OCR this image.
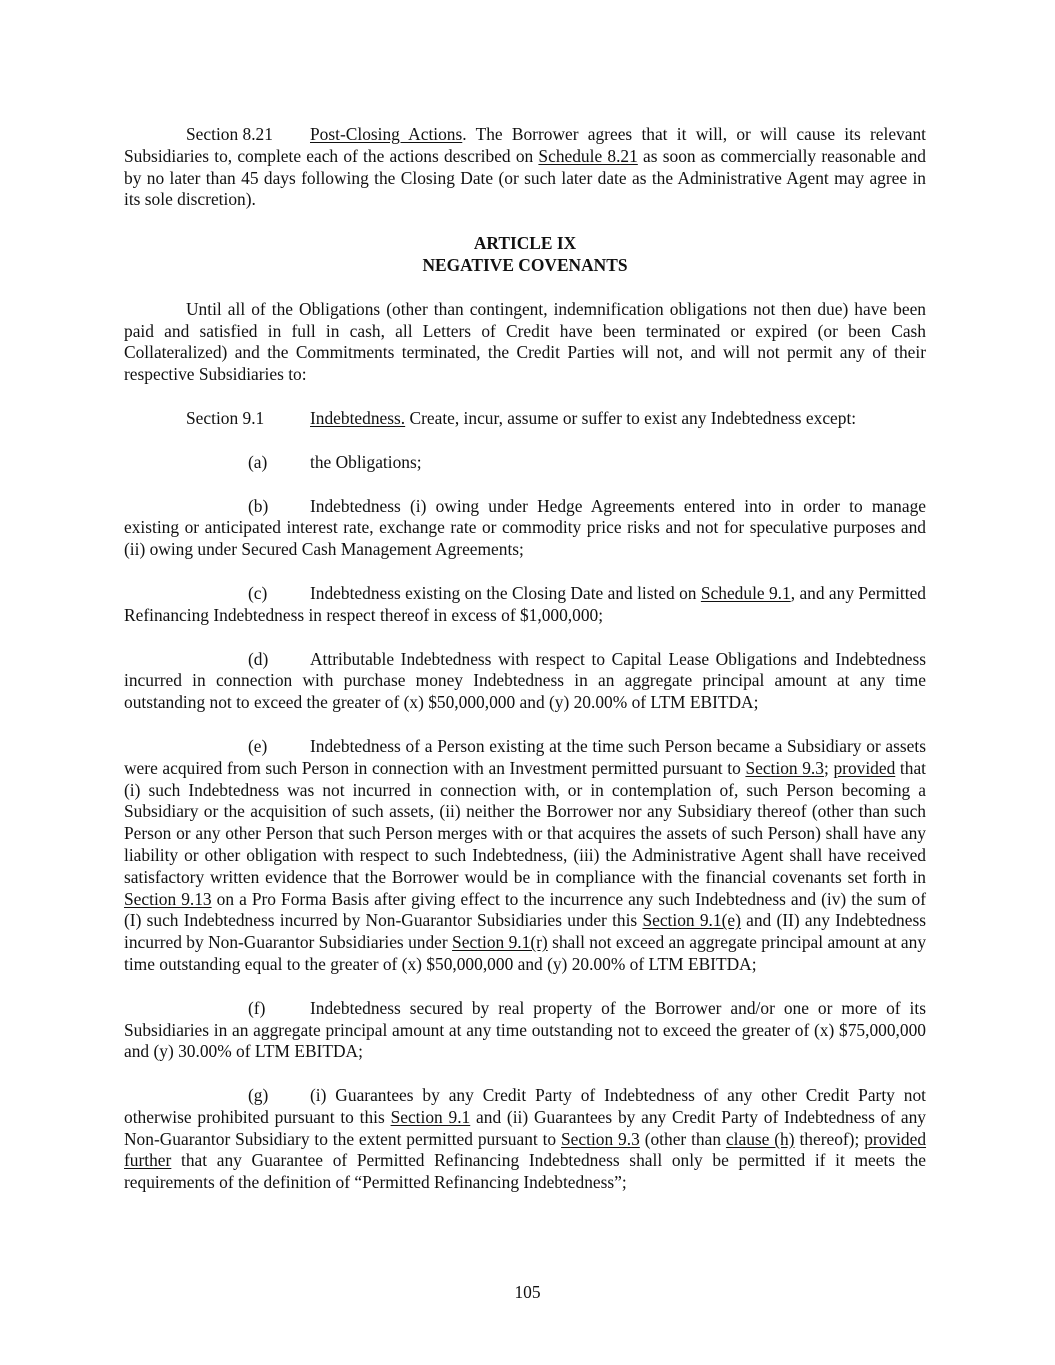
Section 8.21 Post-Closing Actions. The Borrower agrees that it will, or will cause its relevant Subsidiaries to, complete each of the actions described on Schedule 8.21 as soon as commercially reasonable and by no later than 45 days following the Closing Date (or such later date as the Administrative Agent may agree in its sole discretion).

ARTICLE IX
NEGATIVE COVENANTS

Until all of the Obligations (other than contingent, indemnification obligations not then due) have been paid and satisfied in full in cash, all Letters of Credit have been terminated or expired (or been Cash Collateralized) and the Commitments terminated, the Credit Parties will not, and will not permit any of their respective Subsidiaries to:

Section 9.1	Indebtedness. Create, incur, assume or suffer to exist any Indebtedness except:

(a) the Obligations;

(b) Indebtedness (i) owing under Hedge Agreements entered into in order to manage existing or anticipated interest rate, exchange rate or commodity price risks and not for speculative purposes and (ii) owing under Secured Cash Management Agreements;

(c) Indebtedness existing on the Closing Date and listed on Schedule 9.1, and any Permitted Refinancing Indebtedness in respect thereof in excess of $1,000,000;

(d) Attributable Indebtedness with respect to Capital Lease Obligations and Indebtedness incurred in connection with purchase money Indebtedness in an aggregate principal amount at any time outstanding not to exceed the greater of (x) $50,000,000 and (y) 20.00% of LTM EBITDA;

(e) Indebtedness of a Person existing at the time such Person became a Subsidiary or assets were acquired from such Person in connection with an Investment permitted pursuant to Section 9.3; provided that (i) such Indebtedness was not incurred in connection with, or in contemplation of, such Person becoming a Subsidiary or the acquisition of such assets, (ii) neither the Borrower nor any Subsidiary thereof (other than such Person or any other Person that such Person merges with or that acquires the assets of such Person) shall have any liability or other obligation with respect to such Indebtedness, (iii) the Administrative Agent shall have received satisfactory written evidence that the Borrower would be in compliance with the financial covenants set forth in Section 9.13 on a Pro Forma Basis after giving effect to the incurrence any such Indebtedness and (iv) the sum of (I) such Indebtedness incurred by Non-Guarantor Subsidiaries under this Section 9.1(e) and (II) any Indebtedness incurred by Non-Guarantor Subsidiaries under Section 9.1(r) shall not exceed an aggregate principal amount at any time outstanding equal to the greater of (x) $50,000,000 and (y) 20.00% of LTM EBITDA;

(f)	Indebtedness secured by real property of the Borrower and/or one or more of its Subsidiaries in an aggregate principal amount at any time outstanding not to exceed the greater of (x) $75,000,000 and (y) 30.00% of LTM EBITDA;

(g) (i) Guarantees by any Credit Party of Indebtedness of any other Credit Party not otherwise prohibited pursuant to this Section 9.1 and (ii) Guarantees by any Credit Party of Indebtedness of any Non-Guarantor Subsidiary to the extent permitted pursuant to Section 9.3 (other than clause (h) thereof); provided further that any Guarantee of Permitted Refinancing Indebtedness shall only be permitted if it meets the requirements of the definition of “Permitted Refinancing Indebtedness”;

105
